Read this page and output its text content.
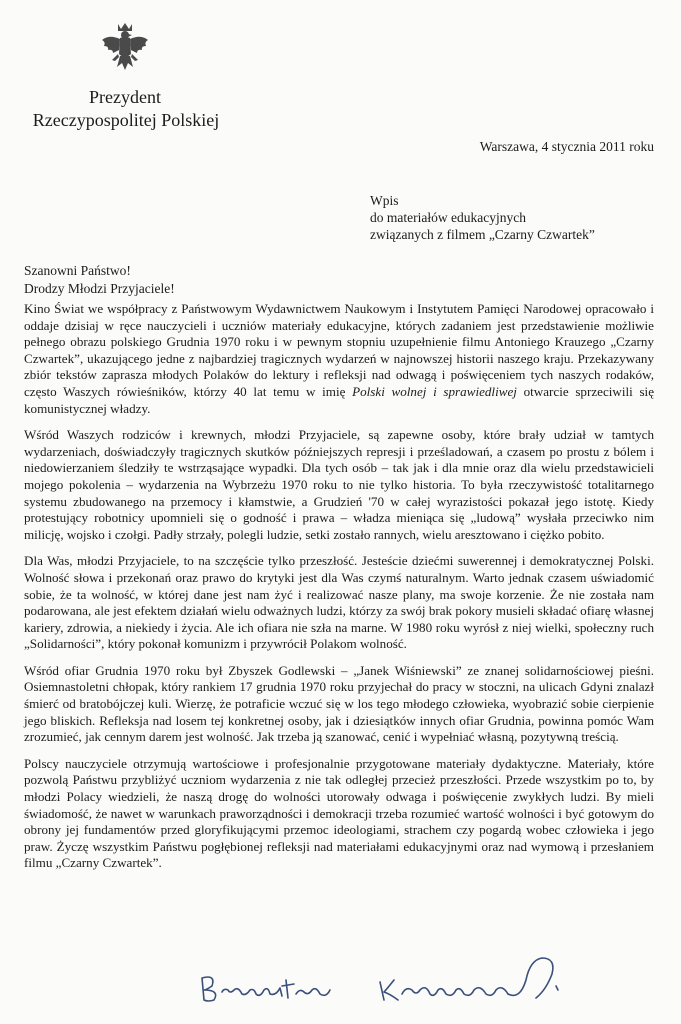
Prezydent
Rzeczypospolitej Polskiej
Warszawa, 4 stycznia 2011 roku
Wpis
do materiałów edukacyjnych
związanych z filmem „Czarny Czwartek”
Szanowni Państwo!
Drodzy Młodzi Przyjaciele!

Kino Świat we współpracy z Państwowym Wydawnictwem Naukowym i Instytutem Pamięci Narodowej opracowało i oddaje dzisiaj w ręce nauczycieli i uczniów materiały edukacyjne, których zadaniem jest przedstawienie możliwie pełnego obrazu polskiego Grudnia 1970 roku i w pewnym stopniu uzupełnienie filmu Antoniego Krauzego „Czarny Czwartek”, ukazującego jedne z najbardziej tragicznych wydarzeń w najnowszej historii naszego kraju. Przekazywany zbiór tekstów zaprasza młodych Polaków do lektury i refleksji nad odwagą i poświęceniem tych naszych rodaków, często Waszych rówieśników, którzy 40 lat temu w imię Polski wolnej i sprawiedliwej otwarcie sprzeciwili się komunistycznej władzy.

Wśród Waszych rodziców i krewnych, młodzi Przyjaciele, są zapewne osoby, które brały udział w tamtych wydarzeniach, doświadczyły tragicznych skutków późniejszych represji i prześladowań, a czasem po prostu z bólem i niedowierzaniem śledziły te wstrząsające wypadki. Dla tych osób – tak jak i dla mnie oraz dla wielu przedstawicieli mojego pokolenia – wydarzenia na Wybrzeżu 1970 roku to nie tylko historia. To była rzeczywistość totalitarnego systemu zbudowanego na przemocy i kłamstwie, a Grudzień '70 w całej wyrazistości pokazał jego istotę. Kiedy protestujący robotnicy upomnieli się o godność i prawa – władza mieniąca się „ludową” wysłała przeciwko nim milicję, wojsko i czołgi. Padły strzały, polegli ludzie, setki zostało rannych, wielu aresztowano i ciężko pobito.

Dla Was, młodzi Przyjaciele, to na szczęście tylko przeszłość. Jesteście dziećmi suwerennej i demokratycznej Polski. Wolność słowa i przekonań oraz prawo do krytyki jest dla Was czymś naturalnym. Warto jednak czasem uświadomić sobie, że ta wolność, w której dane jest nam żyć i realizować nasze plany, ma swoje korzenie. Że nie została nam podarowana, ale jest efektem działań wielu odważnych ludzi, którzy za swój brak pokory musieli składać ofiarę własnej kariery, zdrowia, a niekiedy i życia. Ale ich ofiara nie szła na marne. W 1980 roku wyrósł z niej wielki, społeczny ruch „Solidarności”, który pokonał komunizm i przywrócił Polakom wolność.

Wśród ofiar Grudnia 1970 roku był Zbyszek Godlewski – „Janek Wiśniewski” ze znanej solidarnościowej pieśni. Osiemnastoletni chłopak, który rankiem 17 grudnia 1970 roku przyjechał do pracy w stoczni, na ulicach Gdyni znalazł śmierć od bratobójczej kuli. Wierzę, że potraficie wczuć się w los tego młodego człowieka, wyobrazić sobie cierpienie jego bliskich. Refleksja nad losem tej konkretnej osoby, jak i dziesiątków innych ofiar Grudnia, powinna pomóc Wam zrozumieć, jak cennym darem jest wolność. Jak trzeba ją szanować, cenić i wypełniać własną, pozytywną treścią.

Polscy nauczyciele otrzymują wartościowe i profesjonalnie przygotowane materiały dydaktyczne. Materiały, które pozwolą Państwu przybliżyć uczniom wydarzenia z nie tak odległej przecież przeszłości. Przede wszystkim po to, by młodzi Polacy wiedzieli, że naszą drogę do wolności utorowały odwaga i poświęcenie zwykłych ludzi. By mieli świadomość, że nawet w warunkach praworządności i demokracji trzeba rozumieć wartość wolności i być gotowym do obrony jej fundamentów przed gloryfikującymi przemoc ideologiami, strachem czy pogardą wobec człowieka i jego praw. Życzę wszystkim Państwu pogłębionej refleksji nad materiałami edukacyjnymi oraz nad wymową i przesłaniem filmu „Czarny Czwartek”.
